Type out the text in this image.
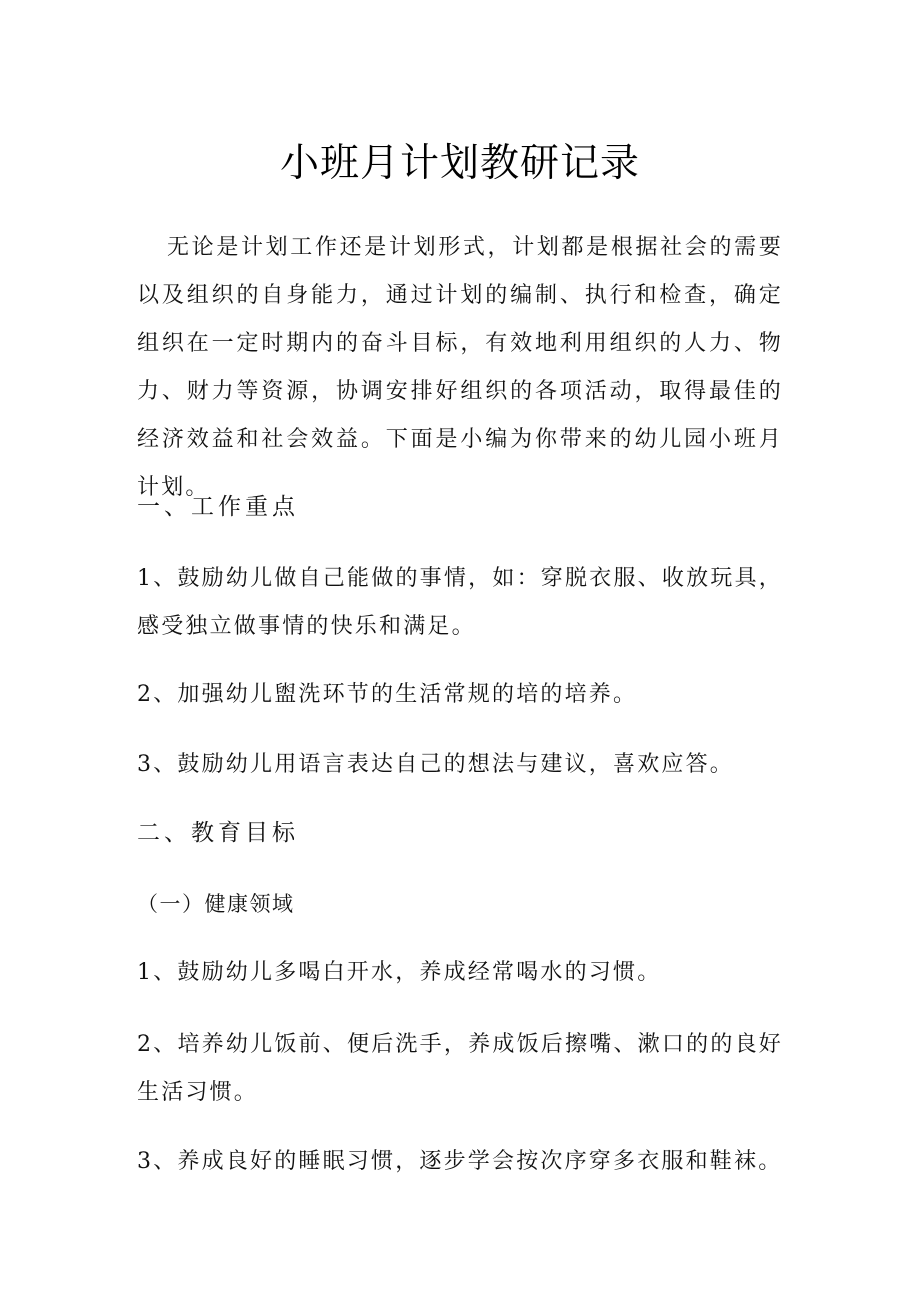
小班月计划教研记录

无论是计划工作还是计划形式，计划都是根据社会的需要以及组织的自身能力，通过计划的编制、执行和检查，确定组织在一定时期内的奋斗目标，有效地利用组织的人力、物力、财力等资源，协调安排好组织的各项活动，取得最佳的经济效益和社会效益。下面是小编为你带来的幼儿园小班月计划。

一、工作重点

1、鼓励幼儿做自己能做的事情，如：穿脱衣服、收放玩具，感受独立做事情的快乐和满足。

2、加强幼儿盥洗环节的生活常规的培的培养。

3、鼓励幼儿用语言表达自己的想法与建议，喜欢应答。

二、教育目标

（一）健康领域

1、鼓励幼儿多喝白开水，养成经常喝水的习惯。

2、培养幼儿饭前、便后洗手，养成饭后擦嘴、漱口的的良好生活习惯。

3、养成良好的睡眠习惯，逐步学会按次序穿多衣服和鞋袜。
